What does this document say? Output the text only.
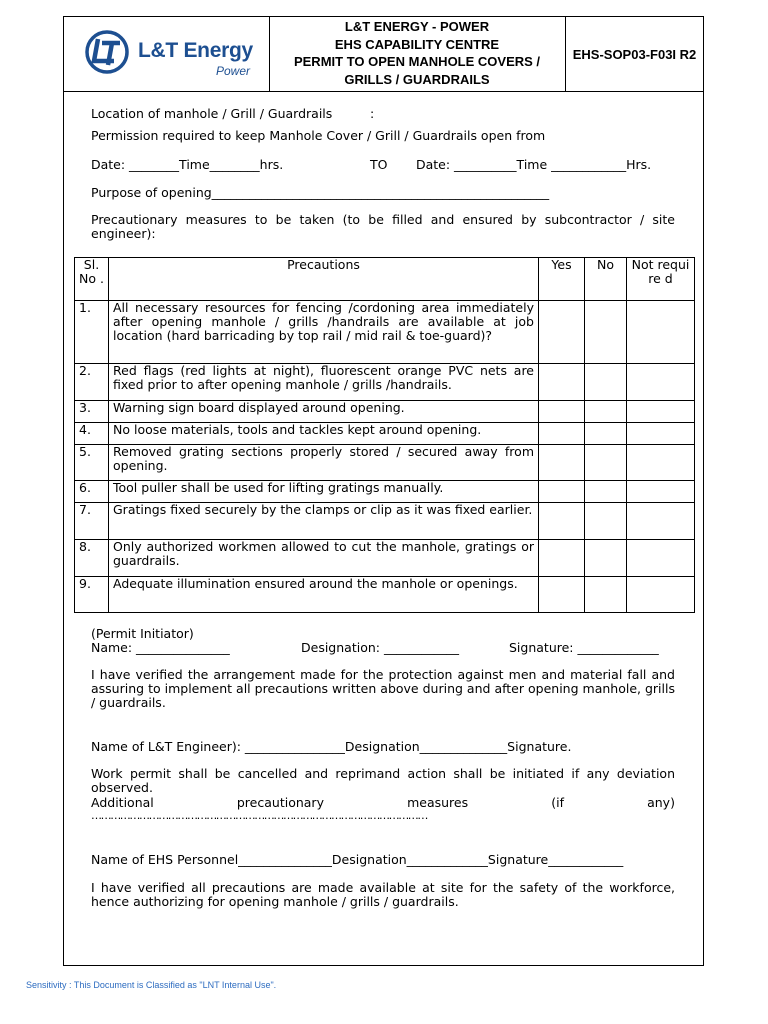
L&T Energy
Power
L&T ENERGY - POWER
EHS CAPABILITY CENTRE
PERMIT TO OPEN MANHOLE COVERS /
GRILLS / GUARDRAILS
EHS-SOP03-F03I R2
Location of manhole / Grill / Guardrails	:
Permission required to keep Manhole Cover / Grill / Guardrails open from
Date: ________Time________hrs.	TO Date: __________Time ____________Hrs.
Purpose of opening______________________________________________________
Precautionary measures to be taken (to be filled and ensured by subcontractor / site engineer):
Sl. No .	Precautions	Yes	No	Not require d
1.	All necessary resources for fencing /cordoning area immediately after opening manhole / grills /handrails are available at job location (hard barricading by top rail / mid rail & toe-guard)?			
2.	Red flags (red lights at night), fluorescent orange PVC nets are fixed prior to after opening manhole / grills /handrails.			
3.	Warning sign board displayed around opening.			
4.	No loose materials, tools and tackles kept around opening.			
5.	Removed grating sections properly stored / secured away from opening.			
6.	Tool puller shall be used for lifting gratings manually.			
7.	Gratings fixed securely by the clamps or clip as it was fixed earlier.			
8.	Only authorized workmen allowed to cut the manhole, gratings or guardrails.			
9.	Adequate illumination ensured around the manhole or openings.			
(Permit Initiator)
Name: _______________	Designation: ____________	Signature: _____________
I have verified the arrangement made for the protection against men and material fall and assuring to implement all precautions written above during and after opening manhole, grills / guardrails.
Name of L&T Engineer): ________________Designation______________Signature.
Work permit shall be cancelled and reprimand action shall be initiated if any deviation observed.
Additional	precautionary	measures	(if	any)
……………………………………………………………………………………………
Name of EHS Personnel_______________Designation_____________Signature____________
I have verified all precautions are made available at site for the safety of the workforce, hence authorizing for opening manhole / grills / guardrails.
Sensitivity : This Document is Classified as "LNT Internal Use".
